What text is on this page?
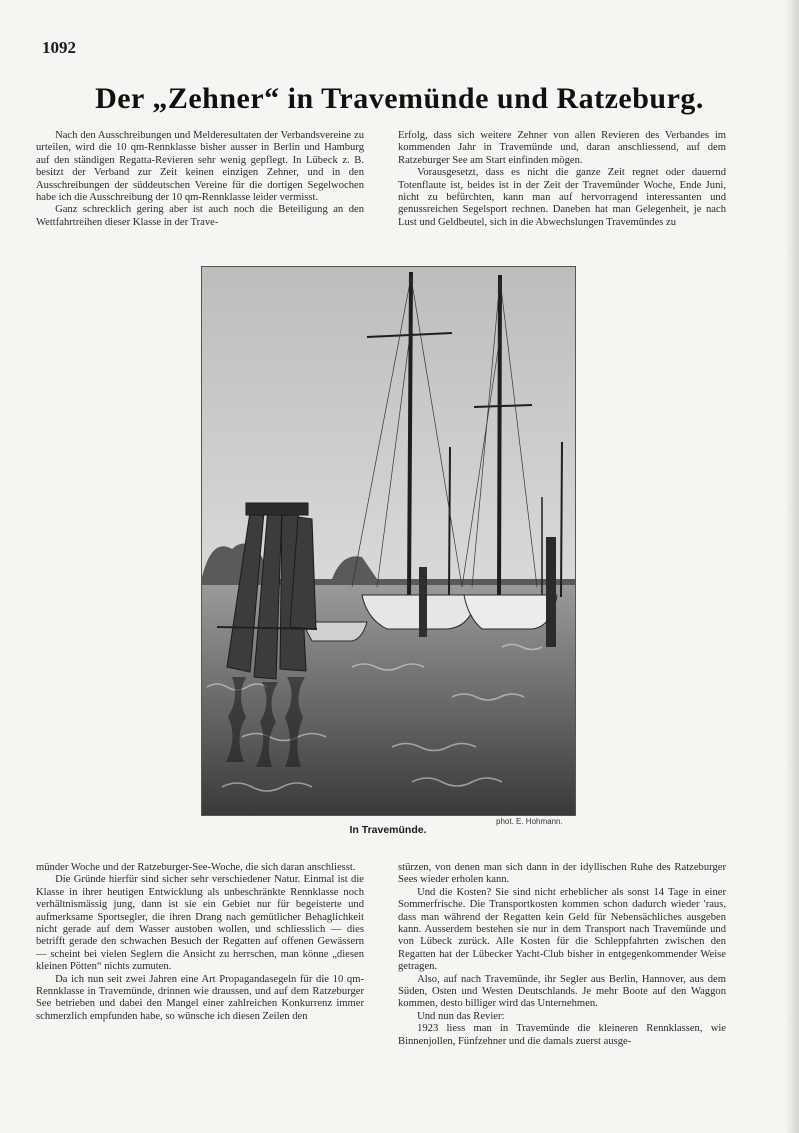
1092
Der „Zehner“ in Travemünde und Ratzeburg.

Nach den Ausschreibungen und Melderesultaten der Verbandsvereine zu urteilen, wird die 10 qm-Rennklasse bisher ausser in Berlin und Hamburg auf den ständigen Regatta-Revieren sehr wenig gepflegt. In Lübeck z. B. besitzt der Verband zur Zeit keinen einzigen Zehner, und in den Ausschreibungen der süddeutschen Vereine für die dortigen Segelwochen habe ich die Ausschreibung der 10 qm-Rennklasse leider vermisst.

Ganz schrecklich gering aber ist auch noch die Beteiligung an den Wettfahrtreihen dieser Klasse in der Trave-

Erfolg, dass sich weitere Zehner von allen Revieren des Verbandes im kommenden Jahr in Travemünde und, daran anschliessend, auf dem Ratzeburger See am Start einfinden mögen.

Vorausgesetzt, dass es nicht die ganze Zeit regnet oder dauernd Totenflaute ist, beides ist in der Zeit der Travemünder Woche, Ende Juni, nicht zu befürchten, kann man auf hervorragend interessanten und genussreichen Segelsport rechnen. Daneben hat man Gelegenheit, je nach Lust und Geldbeutel, sich in die Abwechslungen Travemündes zu

phot. E. Hohmann.
In Travemünde.

münder Woche und der Ratzeburger-See-Woche, die sich daran anschliesst.

Die Gründe hierfür sind sicher sehr verschiedener Natur. Einmal ist die Klasse in ihrer heutigen Entwicklung als unbeschränkte Rennklasse noch verhältnismässig jung, dann ist sie ein Gebiet nur für begeisterte und aufmerksame Sportsegler, die ihren Drang nach gemütlicher Behaglichkeit nicht gerade auf dem Wasser austoben wollen, und schliesslich — dies betrifft gerade den schwachen Besuch der Regatten auf offenen Gewässern — scheint bei vielen Seglern die Ansicht zu herrschen, man könne „diesen kleinen Pötten“ nichts zumuten.

Da ich nun seit zwei Jahren eine Art Propagandasegeln für die 10 qm-Rennklasse in Travemünde, drinnen wie draussen, und auf dem Ratzeburger See betrieben und dabei den Mangel einer zahlreichen Konkurrenz immer schmerzlich empfunden habe, so wünsche ich diesen Zeilen den

stürzen, von denen man sich dann in der idyllischen Ruhe des Ratzeburger Sees wieder erholen kann.

Und die Kosten? Sie sind nicht erheblicher als sonst 14 Tage in einer Sommerfrische. Die Transportkosten kommen schon dadurch wieder 'raus, dass man während der Regatten kein Geld für Nebensächliches ausgeben kann. Ausserdem bestehen sie nur in dem Transport nach Travemünde und von Lübeck zurück. Alle Kosten für die Schleppfahrten zwischen den Regatten hat der Lübecker Yacht-Club bisher in entgegenkommender Weise getragen.

Also, auf nach Travemünde, ihr Segler aus Berlin, Hannover, aus dem Süden, Osten und Westen Deutschlands. Je mehr Boote auf den Waggon kommen, desto billiger wird das Unternehmen.

Und nun das Revier:

1923 liess man in Travemünde die kleineren Rennklassen, wie Binnenjollen, Fünfzehner und die damals zuerst ausge-
